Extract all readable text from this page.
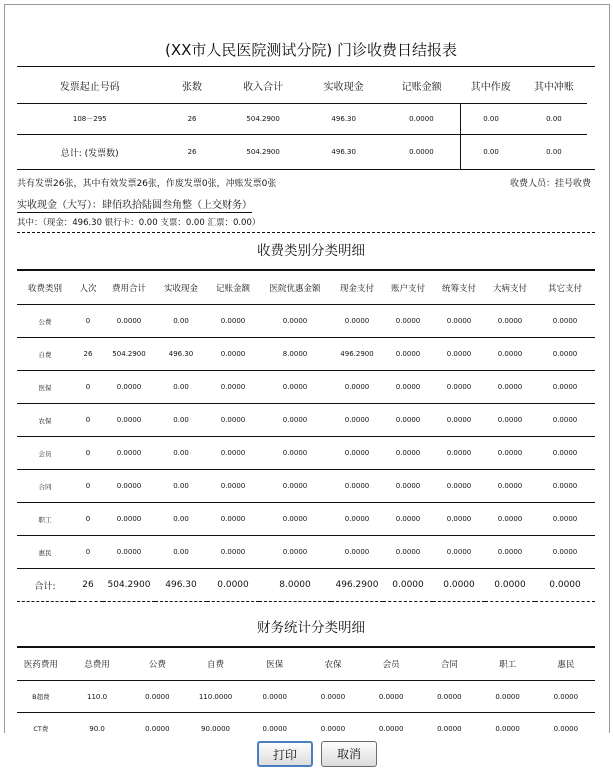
(XX市人民医院测试分院) 门诊收费日结报表
发票起止号码	张数	收入合计	实收现金	记账金额	其中作废	其中冲账
108－295	26	504.2900	496.30	0.0000	0.00	0.00
总计: (发票数)	26	504.2900	496.30	0.0000	0.00	0.00
共有发票26张，其中有效发票26张，作废发票0张，冲账发票0张	收费人员：挂号收费
实收现金（大写）：肆佰玖拾陆圆叁角整（上交财务）
其中：（现金：496.30 银行卡：0.00 支票：0.00 汇票：0.00）
收费类别分类明细
收费类别	人次	费用合计	实收现金	记账金额	医院优惠金额	现金支付	账户支付	统筹支付	大病支付	其它支付
公费	0	0.0000	0.00	0.0000	0.0000	0.0000	0.0000	0.0000	0.0000	0.0000
自费	26	504.2900	496.30	0.0000	8.0000	496.2900	0.0000	0.0000	0.0000	0.0000
医保	0	0.0000	0.00	0.0000	0.0000	0.0000	0.0000	0.0000	0.0000	0.0000
农保	0	0.0000	0.00	0.0000	0.0000	0.0000	0.0000	0.0000	0.0000	0.0000
会员	0	0.0000	0.00	0.0000	0.0000	0.0000	0.0000	0.0000	0.0000	0.0000
合同	0	0.0000	0.00	0.0000	0.0000	0.0000	0.0000	0.0000	0.0000	0.0000
职工	0	0.0000	0.00	0.0000	0.0000	0.0000	0.0000	0.0000	0.0000	0.0000
惠民	0	0.0000	0.00	0.0000	0.0000	0.0000	0.0000	0.0000	0.0000	0.0000
合计:	26	504.2900	496.30	0.0000	8.0000	496.2900	0.0000	0.0000	0.0000	0.0000
财务统计分类明细
医药费用	总费用	公费	自费	医保	农保	会员	合同	职工	惠民
B超费	110.0	0.0000	110.0000	0.0000	0.0000	0.0000	0.0000	0.0000	0.0000
CT费	90.0	0.0000	90.0000	0.0000	0.0000	0.0000	0.0000	0.0000	0.0000

打印	取消
